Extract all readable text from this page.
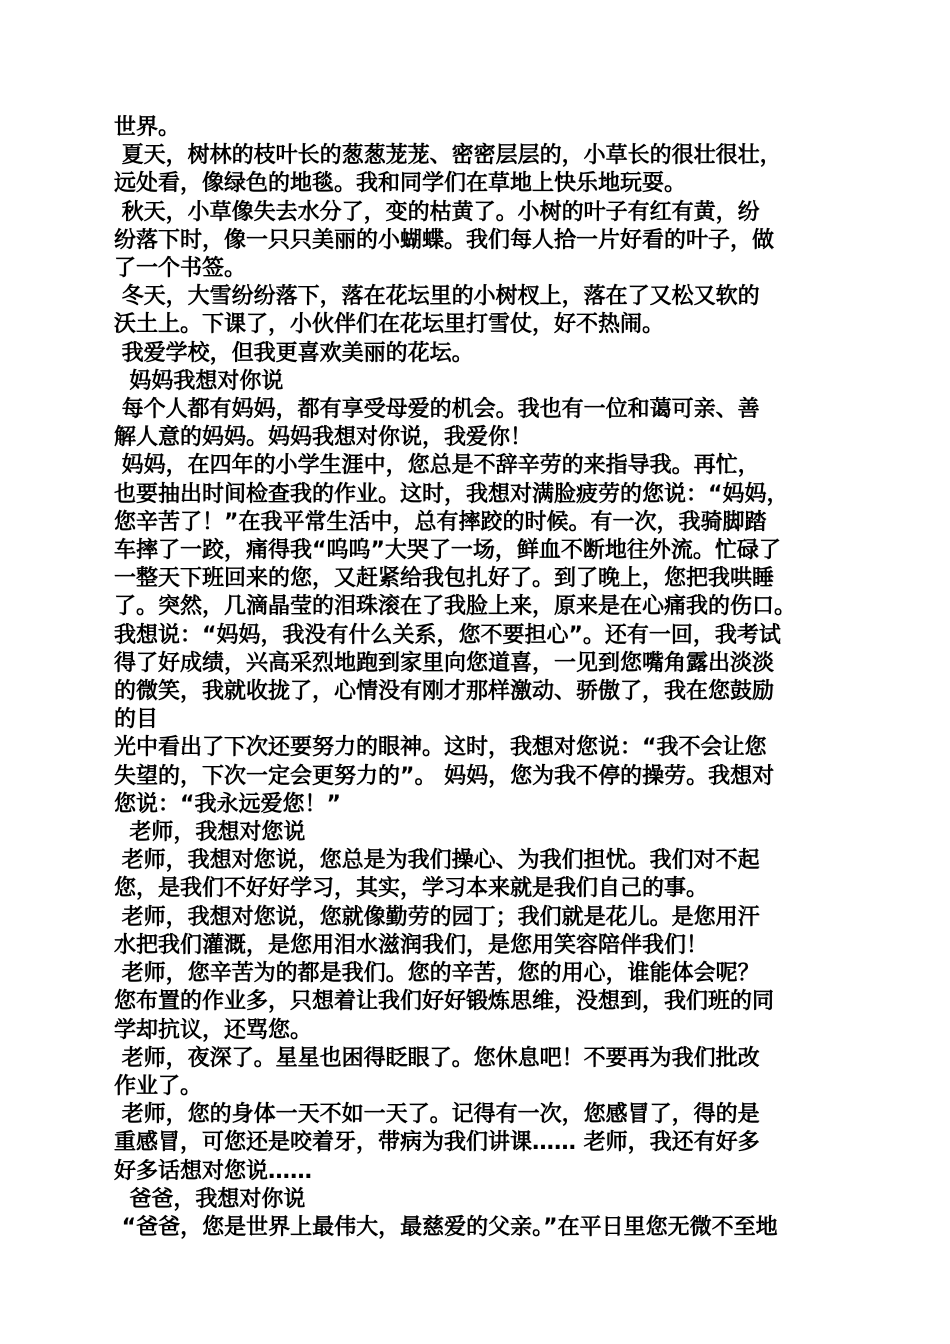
世界。
夏天，树林的枝叶长的葱葱茏茏、密密层层的，小草长的很壮很壮，
远处看，像绿色的地毯。我和同学们在草地上快乐地玩耍。
秋天，小草像失去水分了，变的枯黄了。小树的叶子有红有黄，纷
纷落下时，像一只只美丽的小蝴蝶。我们每人拾一片好看的叶子，做
了一个书签。
冬天，大雪纷纷落下，落在花坛里的小树杈上，落在了又松又软的
沃土上。下课了，小伙伴们在花坛里打雪仗，好不热闹。
我爱学校，但我更喜欢美丽的花坛。
妈妈我想对你说
每个人都有妈妈，都有享受母爱的机会。我也有一位和蔼可亲、善
解人意的妈妈。妈妈我想对你说，我爱你！
妈妈，在四年的小学生涯中，您总是不辞辛劳的来指导我。再忙，
也要抽出时间检查我的作业。这时，我想对满脸疲劳的您说：“妈妈，
您辛苦了！”在我平常生活中，总有摔跤的时候。有一次，我骑脚踏
车摔了一跤，痛得我“呜呜”大哭了一场，鲜血不断地往外流。忙碌了
一整天下班回来的您，又赶紧给我包扎好了。到了晚上，您把我哄睡
了。突然，几滴晶莹的泪珠滚在了我脸上来，原来是在心痛我的伤口。
我想说：“妈妈，我没有什么关系，您不要担心”。还有一回，我考试
得了好成绩，兴高采烈地跑到家里向您道喜，一见到您嘴角露出淡淡
的微笑，我就收拢了，心情没有刚才那样激动、骄傲了，我在您鼓励
的目
光中看出了下次还要努力的眼神。这时，我想对您说：“我不会让您
失望的，下次一定会更努力的”。 妈妈，您为我不停的操劳。我想对
您说：“我永远爱您！”
老师，我想对您说
老师，我想对您说，您总是为我们操心、为我们担忧。我们对不起
您，是我们不好好学习，其实，学习本来就是我们自己的事。
老师，我想对您说，您就像勤劳的园丁；我们就是花儿。是您用汗
水把我们灌溉，是您用泪水滋润我们，是您用笑容陪伴我们！
老师，您辛苦为的都是我们。您的辛苦，您的用心，谁能体会呢？
您布置的作业多，只想着让我们好好锻炼思维，没想到，我们班的同
学却抗议，还骂您。
老师，夜深了。星星也困得眨眼了。您休息吧！不要再为我们批改
作业了。
老师，您的身体一天不如一天了。记得有一次，您感冒了，得的是
重感冒，可您还是咬着牙，带病为我们讲课…… 老师，我还有好多
好多话想对您说……
爸爸，我想对你说
“爸爸，您是世界上最伟大，最慈爱的父亲。”在平日里您无微不至地
